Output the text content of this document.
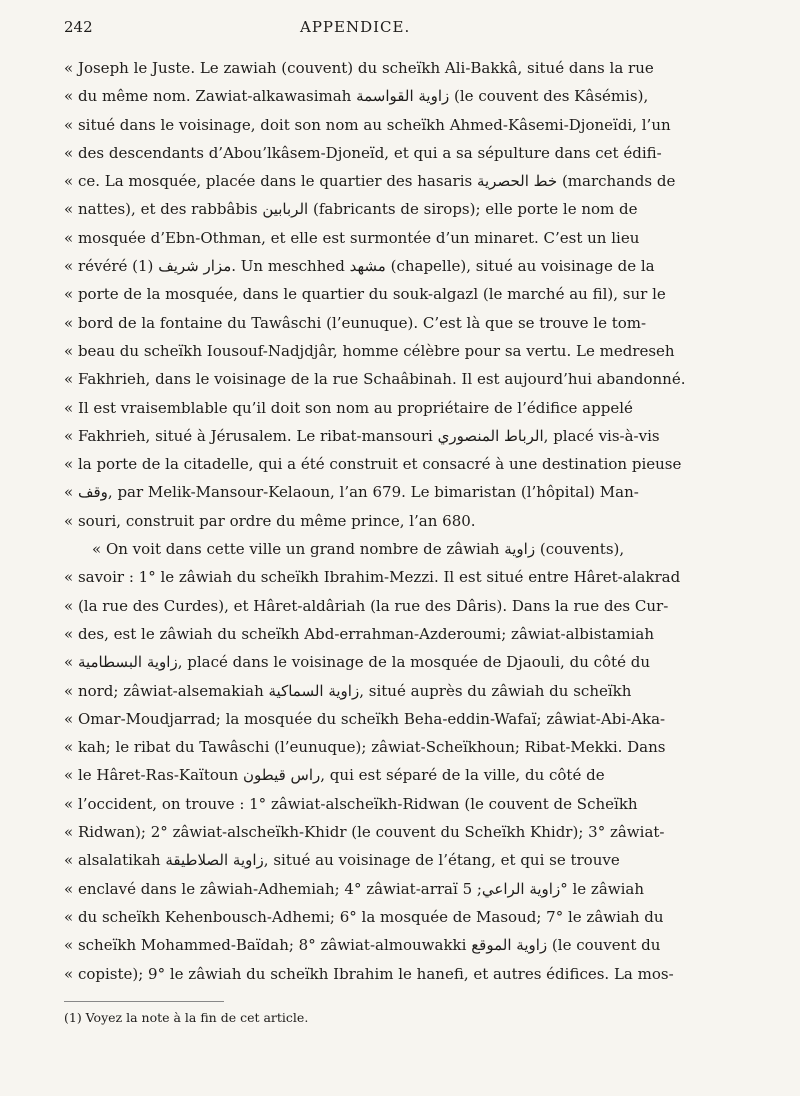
242	APPENDICE.
« Joseph le Juste. Le zawiah (couvent) du scheïkh Ali-Bakkâ, situé dans la rue
« du même nom. Zawiat-alkawasimah زاوية القواسمة (le couvent des Kâsémis),
« situé dans le voisinage, doit son nom au scheïkh Ahmed-Kâsemi-Djoneïdi, l’un
« des descendants d’Abou’lkâsem-Djoneïd, et qui a sa sépulture dans cet édifi-
« ce. La mosquée, placée dans le quartier des hasaris خط الحصرية (marchands de
« nattes), et des rabbâbis الربابين (fabricants de sirops); elle porte le nom de
« mosquée d’Ebn-Othman, et elle est surmontée d’un minaret. C’est un lieu
« révéré (1) مزار شريف. Un meschhed مشهد (chapelle), situé au voisinage de la
« porte de la mosquée, dans le quartier du souk-algazl (le marché au fil), sur le
« bord de la fontaine du Tawâschi (l’eunuque). C’est là que se trouve le tom-
« beau du scheïkh Iousouf-Nadjdjâr, homme célèbre pour sa vertu. Le medreseh
« Fakhrieh, dans le voisinage de la rue Schaâbinah. Il est aujourd’hui abandonné.
« Il est vraisemblable qu’il doit son nom au propriétaire de l’édifice appelé
« Fakhrieh, situé à Jérusalem. Le ribat-mansouri الرباط المنصوري, placé vis-à-vis
« la porte de la citadelle, qui a été construit et consacré à une destination pieuse
« وقف, par Melik-Mansour-Kelaoun, l’an 679. Le bimaristan (l’hôpital) Man-
« souri, construit par ordre du même prince, l’an 680.
« On voit dans cette ville un grand nombre de zâwiah زاوية (couvents),
« savoir : 1° le zâwiah du scheïkh Ibrahim-Mezzi. Il est situé entre Hâret-alakrad
« (la rue des Curdes), et Hâret-aldâriah (la rue des Dâris). Dans la rue des Cur-
« des, est le zâwiah du scheïkh Abd-errahman-Azderoumi; zâwiat-albistamiah
« زاوية البسطامية, placé dans le voisinage de la mosquée de Djaouli, du côté du
« nord; zâwiat-alsemakiah زاوية السماكية, situé auprès du zâwiah du scheïkh
« Omar-Moudjarrad; la mosquée du scheïkh Beha-eddin-Wafaï; zâwiat-Abi-Aka-
« kah; le ribat du Tawâschi (l’eunuque); zâwiat-Scheïkhoun; Ribat-Mekki. Dans
« le Hâret-Ras-Kaïtoun راس قيطون, qui est séparé de la ville, du côté de
« l’occident, on trouve : 1° zâwiat-alscheïkh-Ridwan (le couvent de Scheïkh
« Ridwan); 2° zâwiat-alscheïkh-Khidr (le couvent du Scheïkh Khidr); 3° zâwiat-
« alsalatikah زاوية الصلاطيقة, situé au voisinage de l’étang, et qui se trouve
« enclavé dans le zâwiah-Adhemiah; 4° zâwiat-arraï زاوية الراعي; 5° le zâwiah
« du scheïkh Kehenbousch-Adhemi; 6° la mosquée de Masoud; 7° le zâwiah du
« scheïkh Mohammed-Baïdah; 8° zâwiat-almouwakki زاوية الموقع (le couvent du
« copiste); 9° le zâwiah du scheïkh Ibrahim le hanefi, et autres édifices. La mos-
(1) Voyez la note à la fin de cet article.
